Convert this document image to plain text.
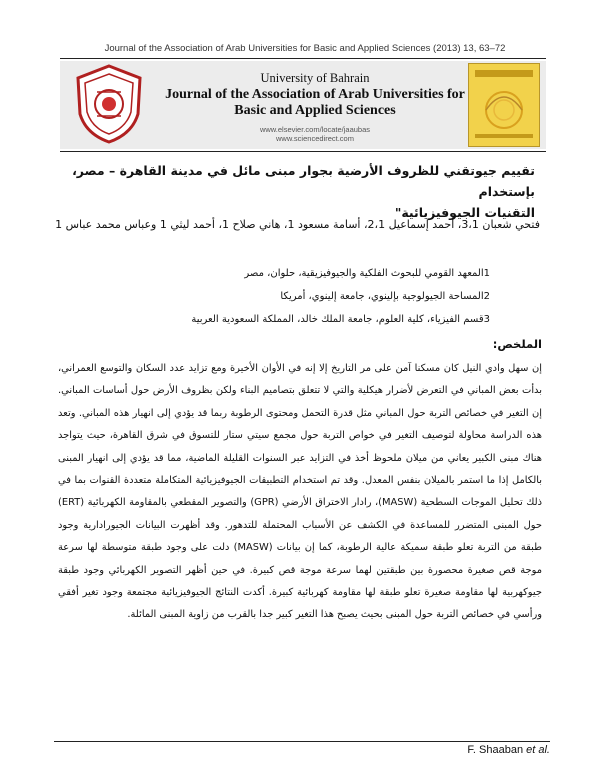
Journal of the Association of Arab Universities for Basic and Applied Sciences (2013) 13, 63–72
University of Bahrain
Journal of the Association of Arab Universities for
Basic and Applied Sciences
www.elsevier.com/locate/jaaubas
www.sciencedirect.com
تقييم جيوتقني للظروف الأرضية بجوار مبنى مائل في مدينة القاهرة – مصر، بإستخدام
التقنيات الجيوفيزيائية"
فتحي شعبان 3،1، أحمد إسماعيل 2،1، أسامة مسعود 1، هاني صلاح 1، أحمد ليثي 1 وعباس محمد عباس 1
1المعهد القومي للبحوث الفلكية والجيوفيزيقية، حلوان، مصر
2المساحة الجيولوجية بإلينوي، جامعة إلينوي، أمريكا
3قسم الفيزياء، كلية العلوم، جامعة الملك خالد، المملكة السعودية العربية
الملخص:
إن سهل وادي النيل كان مسكنا آمن على مر التاريخ إلا إنه في الأوان الأخيرة ومع تزايد عدد السكان والتوسع العمراني، بدأت بعض المباني في التعرض لأضرار هيكلية والتي لا تتعلق بتصاميم البناء ولكن بظروف الأرض حول أساسات المباني. إن التغير في خصائص التربة حول المباني مثل قدرة التحمل ومحتوى الرطوبة ربما قد يؤدي إلى انهيار هذه المباني. وتعد هذه الدراسة محاولة لتوصيف التغير في خواص التربة حول مجمع سيتي ستار للتسوق في شرق القاهرة، حيث يتواجد هناك مبنى الكبير يعاني من ميلان ملحوظ أخذ في التزايد عبر السنوات القليلة الماضية، مما قد يؤدي إلى انهيار المبنى بالكامل إذا ما استمر بالميلان بنفس المعدل. وقد تم استخدام التطبيقات الجيوفيزيائية المتكاملة متعددة القنوات بما في ذلك تحليل الموجات السطحية (MASW)، رادار الاختراق الأرضي (GPR) والتصوير المقطعي بالمقاومة الكهربائية (ERT) حول المبنى المتضرر للمساعدة في الكشف عن الأسباب المحتملة للتدهور. وقد أظهرت البيانات الجيورادارية وجود طبقة من التربة تعلو طبقة سميكة عالية الرطوبة، كما إن بيانات (MASW) دلت على وجود طبقة متوسطة لها سرعة موجة قص صغيرة محصورة بين طبقتين لهما سرعة موجة قص كبيرة. في حين أظهر التصوير الكهربائي وجود طبقة جيوكهربية لها مقاومة صغيرة تعلو طبقة لها مقاومة كهربائية كبيرة. أكدت النتائج الجيوفيزيائية مجتمعة وجود تغير أفقي ورأسي في خصائص التربة حول المبنى بحيث يصبح هذا التغير كبير جدا بالقرب من زاوية المبنى المائلة.
F. Shaaban et al.
